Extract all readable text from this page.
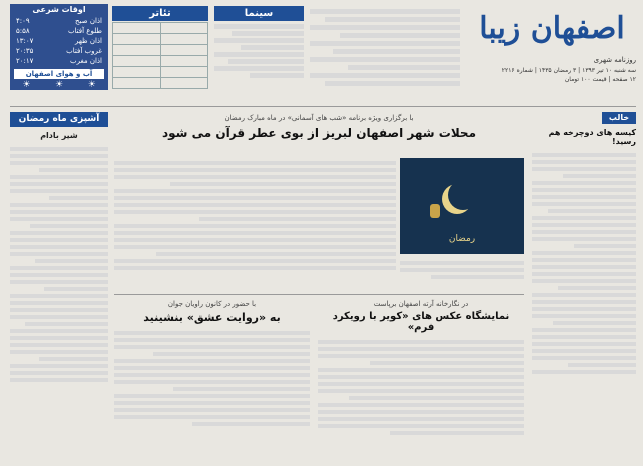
اوقات شرعی
اذان صبح
۴:۰۹
طلوع آفتاب
۵:۵۸
اذان ظهر
۱۳:۰۷
غروب آفتاب
۲۰:۳۵
اذان مغرب
۲۰:۱۷
آب و هوای اصفهان
☀
☀
☀
تئاتر

		سینما	اصفهان زیبا
روزنامه شهری
سه شنبه ۱۰ تیر ۱۳۹۳ | ۳ رمضان ۱۴۳۵ | شماره ۲۲۱۶
۱۲ صفحه | قیمت ۱۰۰ تومان
آشپزی ماه رمضان
شیر بادام
خالب
کیسه های دوچرخه هم رسید!
با برگزاری ویژه برنامه «شب های آسمانی» در ماه مبارک رمضان
محلات شهر اصفهان لبریز از بوی عطر قرآن می شود
رمضان
با حضور در کانون راویان جوان
به «روایت عشق» بنشینید
در نگارخانه آرته اصفهان برپاست
نمایشگاه عکس های «کویر با رویکرد فرم»
